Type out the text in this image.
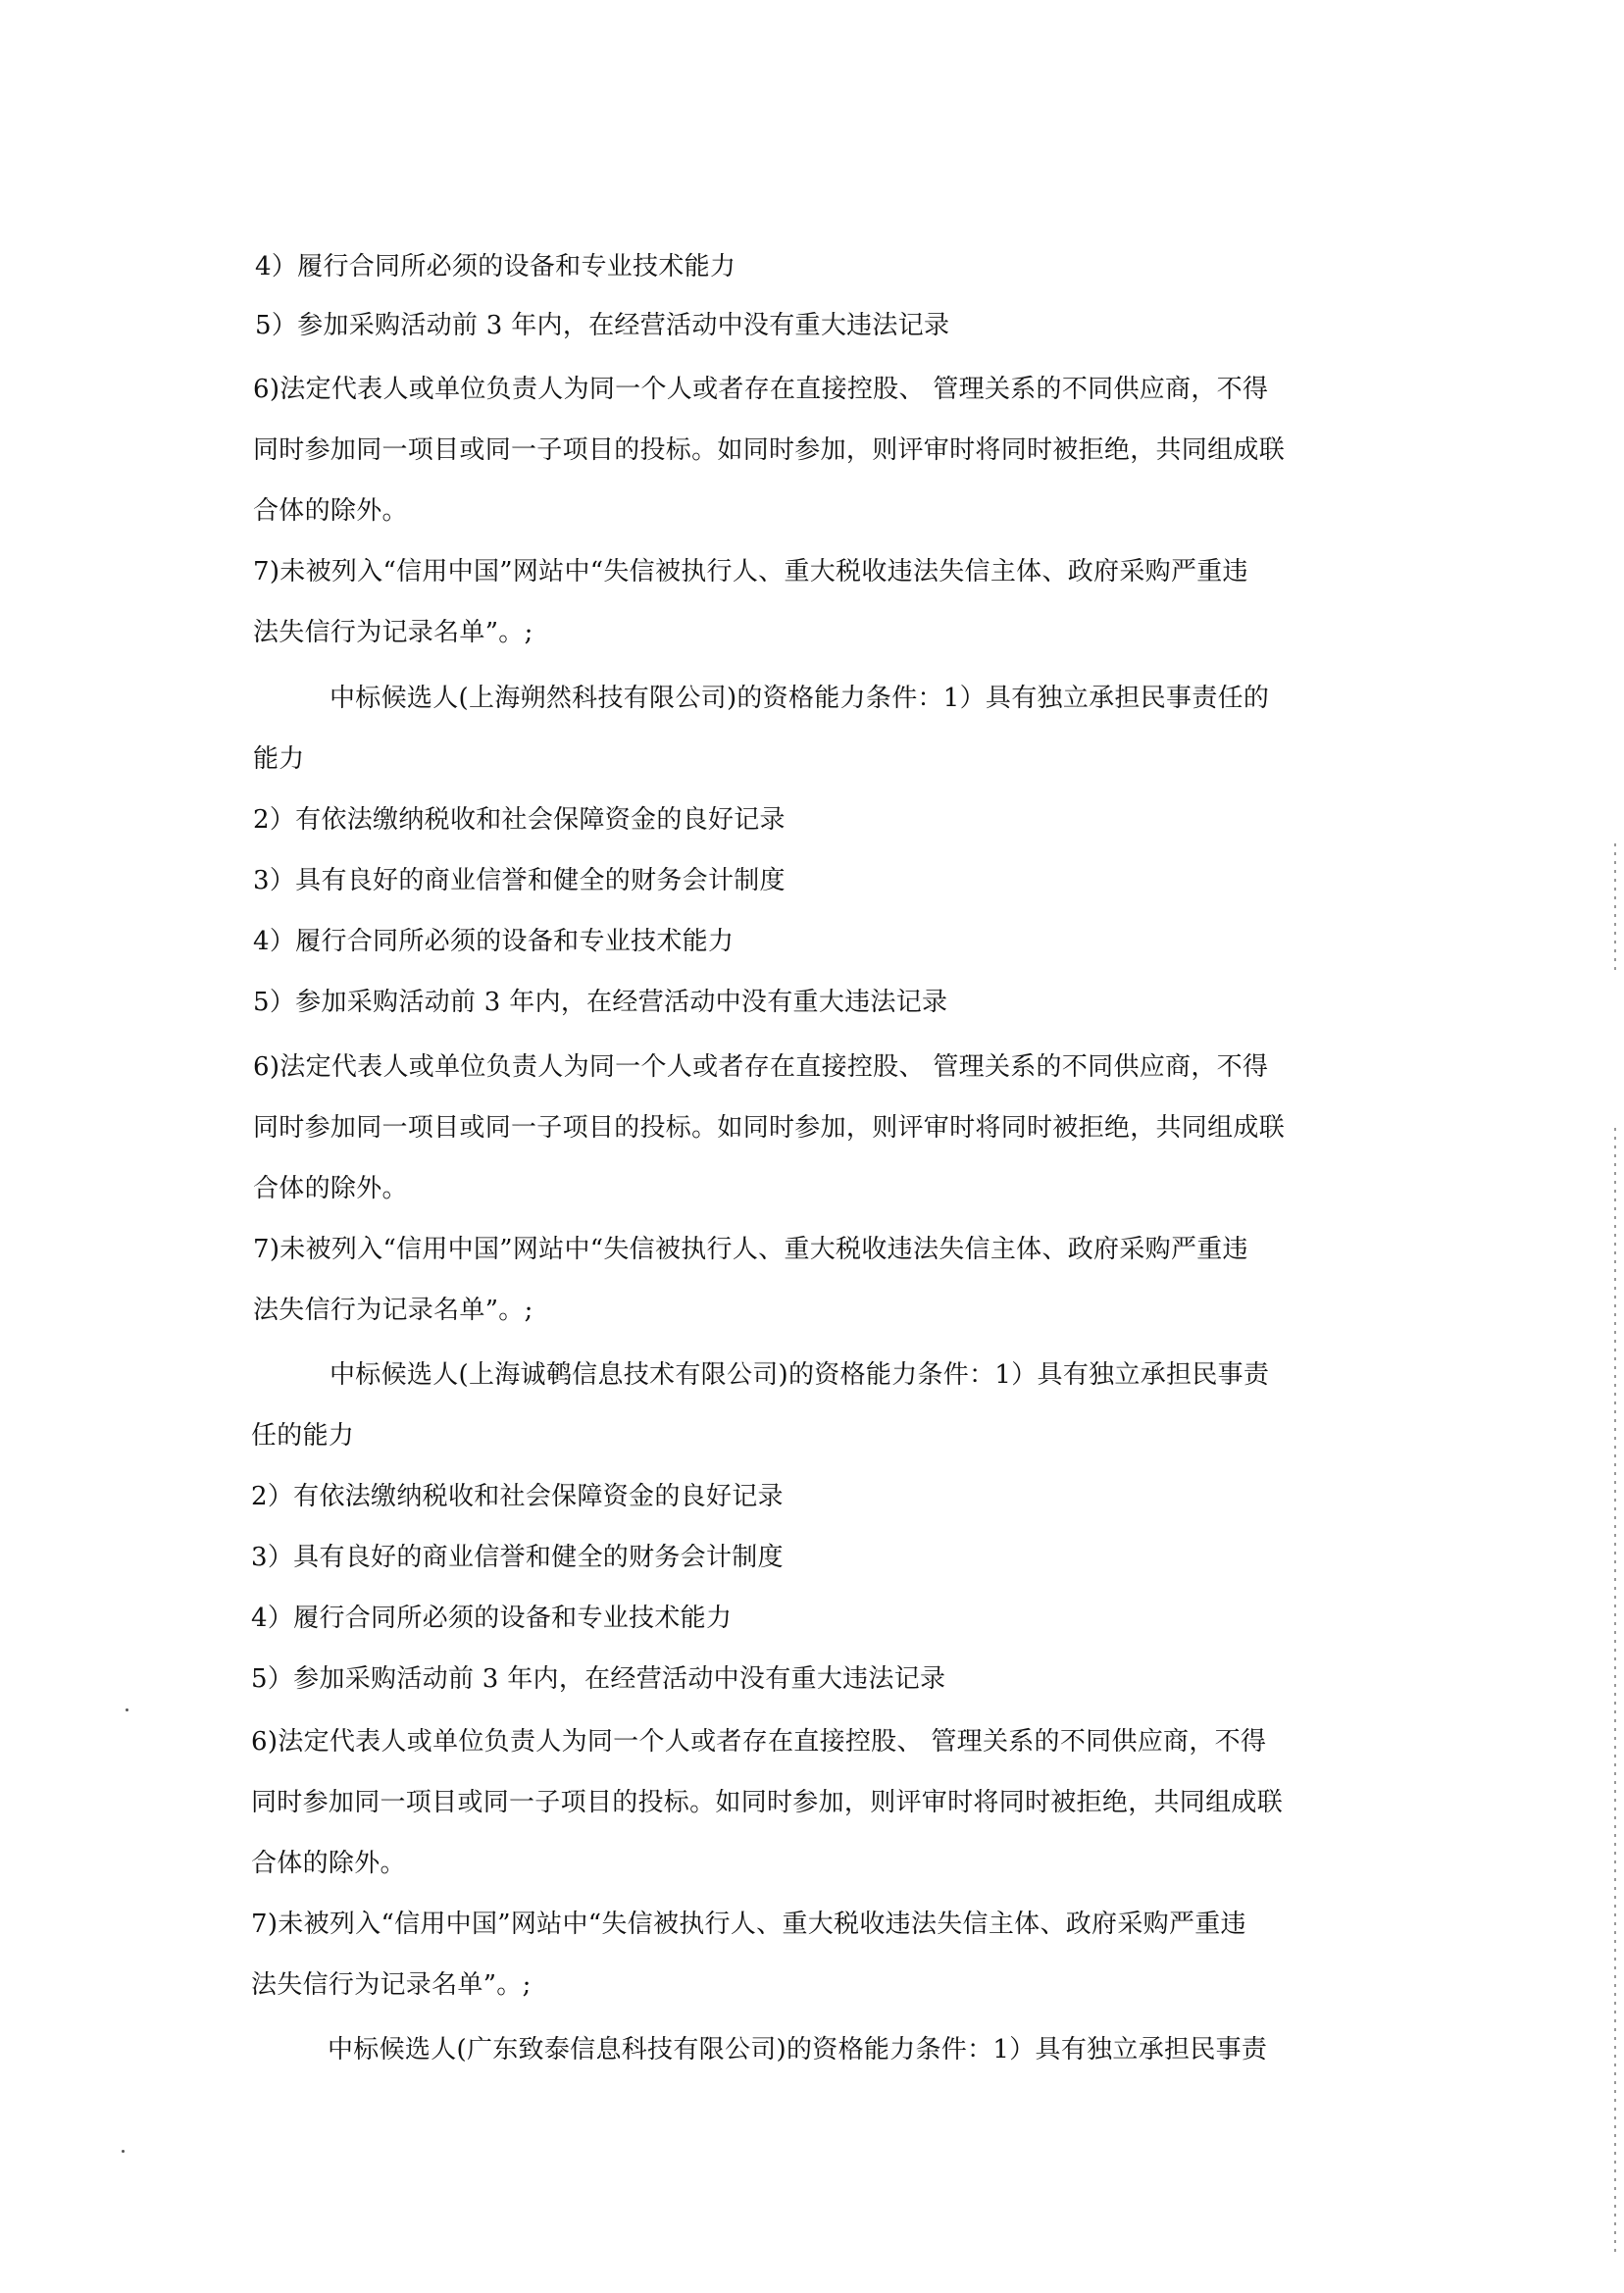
4）履行合同所必须的设备和专业技术能力
5）参加采购活动前 3 年内，在经营活动中没有重大违法记录
6)法定代表人或单位负责人为同一个人或者存在直接控股、 管理关系的不同供应商，不得
同时参加同一项目或同一子项目的投标。如同时参加，则评审时将同时被拒绝，共同组成联
合体的除外。
7)未被列入“信用中国”网站中“失信被执行人、重大税收违法失信主体、政府采购严重违
法失信行为记录名单”。;
中标候选人(上海朔然科技有限公司)的资格能力条件：1）具有独立承担民事责任的
能力
2）有依法缴纳税收和社会保障资金的良好记录
3）具有良好的商业信誉和健全的财务会计制度
4）履行合同所必须的设备和专业技术能力
5）参加采购活动前 3 年内，在经营活动中没有重大违法记录
6)法定代表人或单位负责人为同一个人或者存在直接控股、 管理关系的不同供应商，不得
同时参加同一项目或同一子项目的投标。如同时参加，则评审时将同时被拒绝，共同组成联
合体的除外。
7)未被列入“信用中国”网站中“失信被执行人、重大税收违法失信主体、政府采购严重违
法失信行为记录名单”。;
中标候选人(上海诚鹌信息技术有限公司)的资格能力条件：1）具有独立承担民事责
任的能力
2）有依法缴纳税收和社会保障资金的良好记录
3）具有良好的商业信誉和健全的财务会计制度
4）履行合同所必须的设备和专业技术能力
5）参加采购活动前 3 年内，在经营活动中没有重大违法记录
6)法定代表人或单位负责人为同一个人或者存在直接控股、 管理关系的不同供应商，不得
同时参加同一项目或同一子项目的投标。如同时参加，则评审时将同时被拒绝，共同组成联
合体的除外。
7)未被列入“信用中国”网站中“失信被执行人、重大税收违法失信主体、政府采购严重违
法失信行为记录名单”。;
中标候选人(广东致泰信息科技有限公司)的资格能力条件：1）具有独立承担民事责
